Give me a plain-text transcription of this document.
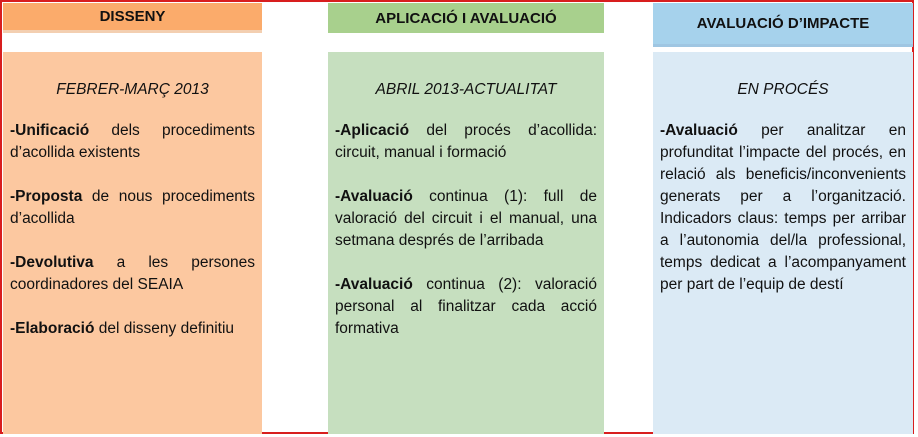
DISSENY	APLICACIÓ I AVALUACIÓ	AVALUACIÓ D’IMPACTE
FEBRER-MARÇ 2013
-Unificació dels procediments d’acollida existents
-Proposta de nous procediments d’acollida
-Devolutiva a les persones coordinadores del SEAIA
-Elaboració del disseny definitiu
ABRIL 2013-ACTUALITAT
-Aplicació del procés d’acollida: circuit, manual i formació
-Avaluació continua (1): full de valoració del circuit i el manual, una setmana després de l’arribada
-Avaluació continua (2): valoració personal al finalitzar cada acció formativa
EN PROCÉS
-Avaluació per analitzar en profunditat l’impacte del procés, en relació als beneficis/inconvenients generats per a l’organització. Indicadors claus: temps per arribar a l’autonomia del/la professional, temps dedicat a l’acompanyament per part de l’equip de destí
